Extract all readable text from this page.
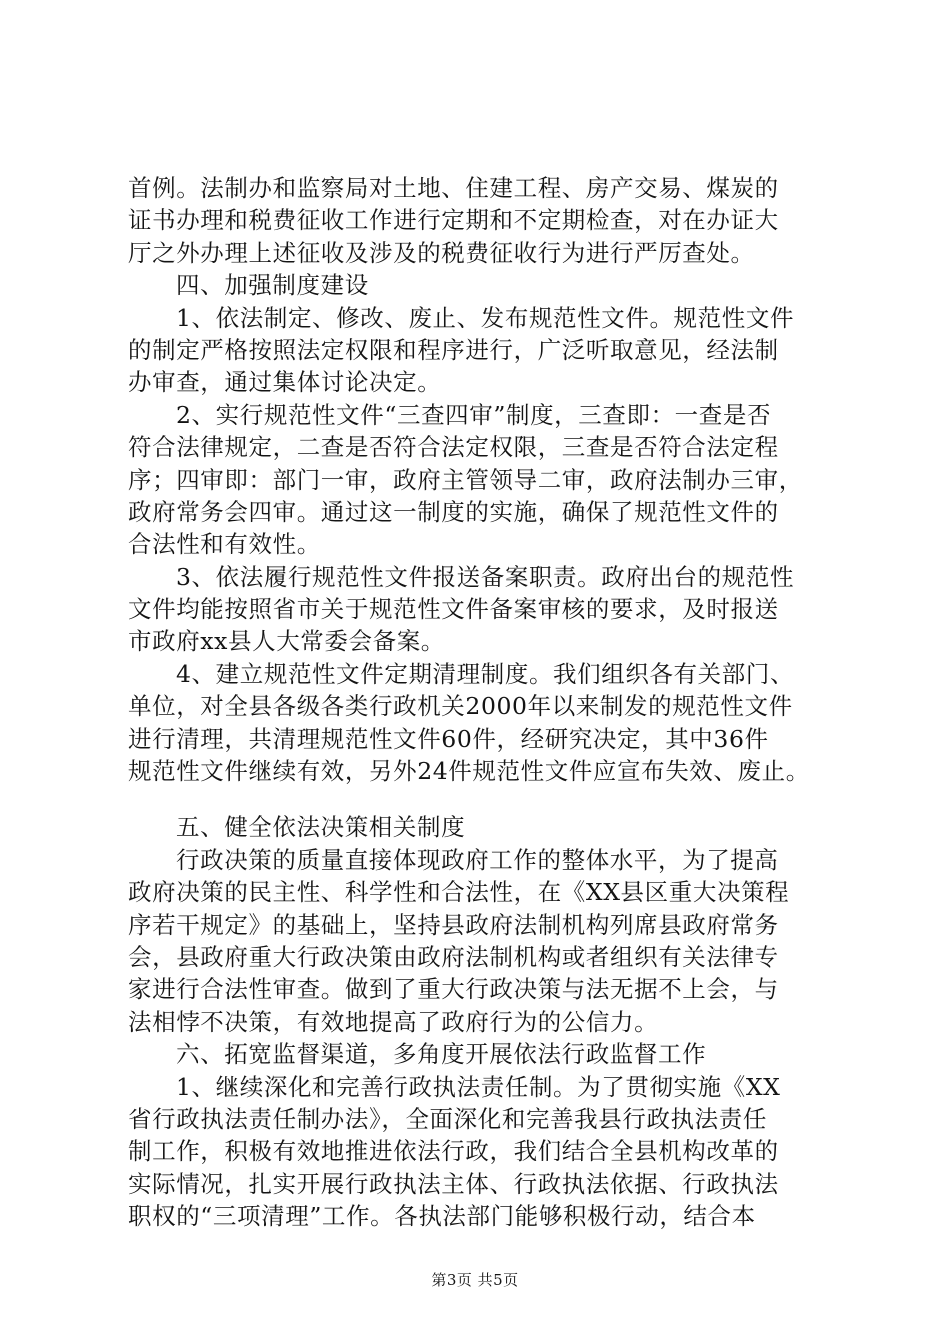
首例。法制办和监察局对土地、住建工程、房产交易、煤炭的
证书办理和税费征收工作进行定期和不定期检查，对在办证大
厅之外办理上述征收及涉及的税费征收行为进行严厉查处。
四、加强制度建设
1、依法制定、修改、废止、发布规范性文件。规范性文件
的制定严格按照法定权限和程序进行，广泛听取意见，经法制
办审查，通过集体讨论决定。
2、实行规范性文件“三查四审”制度，三查即：一查是否
符合法律规定，二查是否符合法定权限，三查是否符合法定程
序；四审即：部门一审，政府主管领导二审，政府法制办三审，
政府常务会四审。通过这一制度的实施，确保了规范性文件的
合法性和有效性。
3、依法履行规范性文件报送备案职责。政府出台的规范性
文件均能按照省市关于规范性文件备案审核的要求，及时报送
市政府xx县人大常委会备案。
4、建立规范性文件定期清理制度。我们组织各有关部门、
单位，对全县各级各类行政机关2000年以来制发的规范性文件
进行清理，共清理规范性文件60件，经研究决定，其中36件
规范性文件继续有效，另外24件规范性文件应宣布失效、废止。
五、健全依法决策相关制度
行政决策的质量直接体现政府工作的整体水平，为了提高
政府决策的民主性、科学性和合法性，在《XX县区重大决策程
序若干规定》的基础上，坚持县政府法制机构列席县政府常务
会，县政府重大行政决策由政府法制机构或者组织有关法律专
家进行合法性审查。做到了重大行政决策与法无据不上会，与
法相悖不决策，有效地提高了政府行为的公信力。
六、拓宽监督渠道，多角度开展依法行政监督工作
1、继续深化和完善行政执法责任制。为了贯彻实施《XX
省行政执法责任制办法》，全面深化和完善我县行政执法责任
制工作，积极有效地推进依法行政，我们结合全县机构改革的
实际情况，扎实开展行政执法主体、行政执法依据、行政执法
职权的“三项清理”工作。各执法部门能够积极行动，结合本
第3页 共5页
